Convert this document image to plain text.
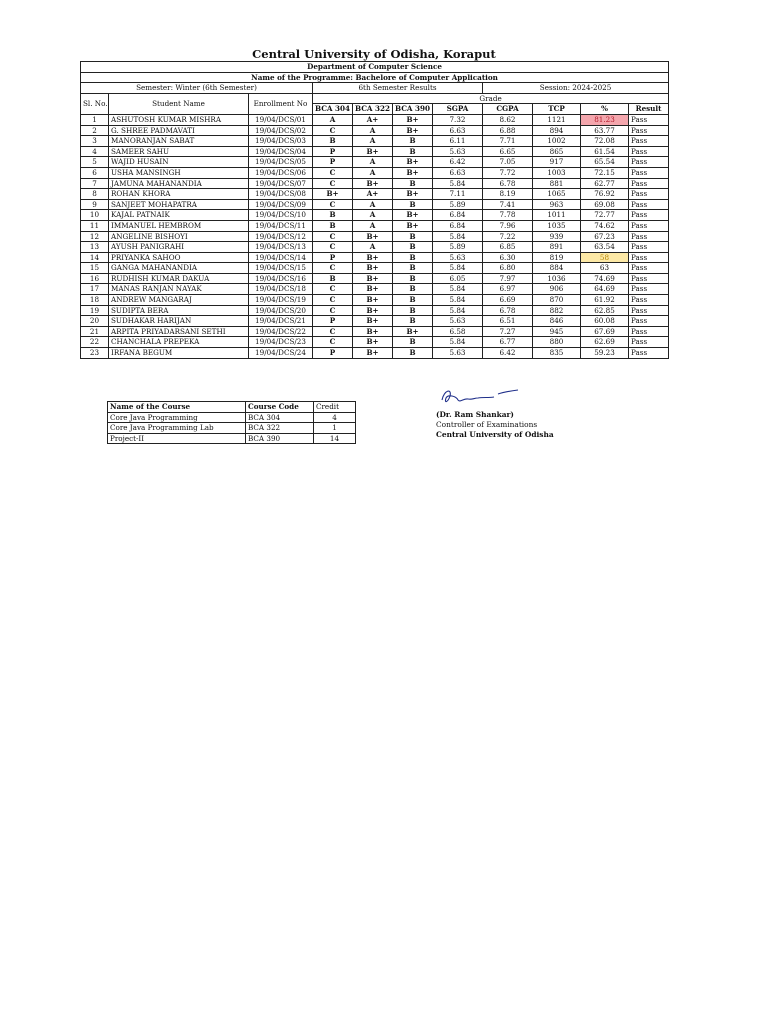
Central University of Odisha, Koraput
Department of Computer Science										
Name of the Programme: Bachelore of Computer Application										
Semester: Winter (6th Semester)			6th Semester Results				Session: 2024-2025			
Sl. No.	Student Name	Enrollment No	Grade							
			BCA 304	BCA 322	BCA 390	SGPA	CGPA	TCP	%	Result
1	ASHUTOSH KUMAR MISHRA	19/04/DCS/01	A	A+	B+	7.32	8.62	1121	81.23	Pass
2	G. SHREE PADMAVATI	19/04/DCS/02	C	A	B+	6.63	6.88	894	63.77	Pass
3	MANORANJAN SABAT	19/04/DCS/03	B	A	B	6.11	7.71	1002	72.08	Pass
4	SAMEER SAHU	19/04/DCS/04	P	B+	B	5.63	6.65	865	61.54	Pass
5	WAJID HUSAIN	19/04/DCS/05	P	A	B+	6.42	7.05	917	65.54	Pass
6	USHA MANSINGH	19/04/DCS/06	C	A	B+	6.63	7.72	1003	72.15	Pass
7	JAMUNA MAHANANDIA	19/04/DCS/07	C	B+	B	5.84	6.78	881	62.77	Pass
8	ROHAN KHORA	19/04/DCS/08	B+	A+	B+	7.11	8.19	1065	76.92	Pass
9	SANJEET MOHAPATRA	19/04/DCS/09	C	A	B	5.89	7.41	963	69.08	Pass
10	KAJAL PATNAIK	19/04/DCS/10	B	A	B+	6.84	7.78	1011	72.77	Pass
11	IMMANUEL HEMBROM	19/04/DCS/11	B	A	B+	6.84	7.96	1035	74.62	Pass
12	ANGELINE BISHOYI	19/04/DCS/12	C	B+	B	5.84	7.22	939	67.23	Pass
13	AYUSH PANIGRAHI	19/04/DCS/13	C	A	B	5.89	6.85	891	63.54	Pass
14	PRIYANKA SAHOO	19/04/DCS/14	P	B+	B	5.63	6.30	819	58	Pass
15	GANGA MAHANANDIA	19/04/DCS/15	C	B+	B	5.84	6.80	884	63	Pass
16	RUDHISH KUMAR DAKUA	19/04/DCS/16	B	B+	B	6.05	7.97	1036	74.69	Pass
17	MANAS RANJAN NAYAK	19/04/DCS/18	C	B+	B	5.84	6.97	906	64.69	Pass
18	ANDREW MANGARAJ	19/04/DCS/19	C	B+	B	5.84	6.69	870	61.92	Pass
19	SUDIPTA BERA	19/04/DCS/20	C	B+	B	5.84	6.78	882	62.85	Pass
20	SUDHAKAR HARIJAN	19/04/DCS/21	P	B+	B	5.63	6.51	846	60.08	Pass
21	ARPITA PRIYADARSANI SETHI	19/04/DCS/22	C	B+	B+	6.58	7.27	945	67.69	Pass
22	CHANCHALA PREPEKA	19/04/DCS/23	C	B+	B	5.84	6.77	880	62.69	Pass
23	IRFANA BEGUM	19/04/DCS/24	P	B+	B	5.63	6.42	835	59.23	Pass
Name of the Course	Course Code	Credit
Core Java Programming	BCA 304	4
Core Java Programming Lab	BCA 322	1
Project-II	BCA 390	14
(Dr. Ram Shankar)
Controller of Examinations
Central University of Odisha
